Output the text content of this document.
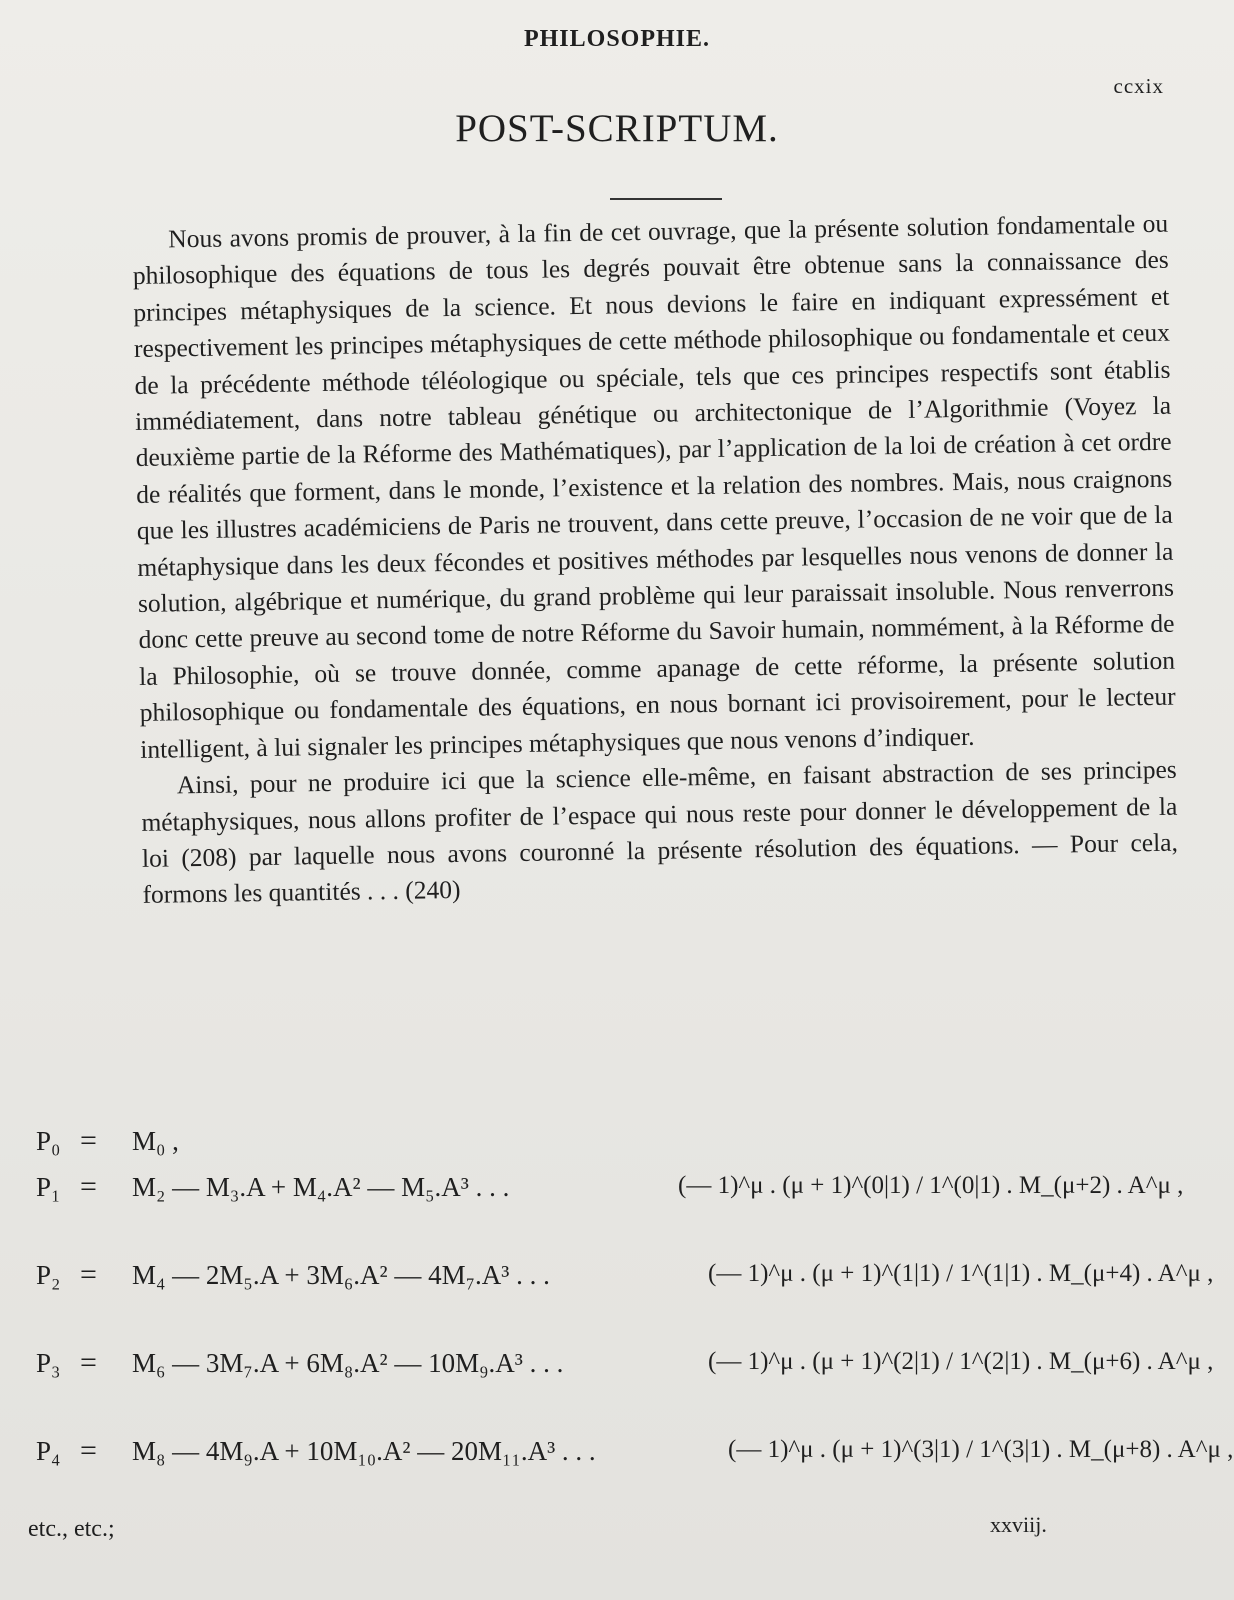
PHILOSOPHIE.
ccxix
POST-SCRIPTUM.

Nous avons promis de prouver, à la fin de cet ouvrage, que la présente solution fondamentale ou philosophique des équations de tous les degrés pouvait être obtenue sans la connaissance des principes métaphysiques de la science. Et nous devions le faire en indiquant expressément et respectivement les principes métaphysiques de cette méthode philosophique ou fondamentale et ceux de la précédente méthode téléologique ou spéciale, tels que ces principes respectifs sont établis immédiatement, dans notre tableau génétique ou architectonique de l’Algorithmie (Voyez la deuxième partie de la Réforme des Mathématiques), par l’application de la loi de création à cet ordre de réalités que forment, dans le monde, l’existence et la relation des nombres. Mais, nous craignons que les illustres académiciens de Paris ne trouvent, dans cette preuve, l’occasion de ne voir que de la métaphysique dans les deux fécondes et positives méthodes par lesquelles nous venons de donner la solution, algébrique et numérique, du grand problème qui leur paraissait insoluble. Nous renverrons donc cette preuve au second tome de notre Réforme du Savoir humain, nommément, à la Réforme de la Philosophie, où se trouve donnée, comme apanage de cette réforme, la présente solution philosophique ou fondamentale des équations, en nous bornant ici provisoirement, pour le lecteur intelligent, à lui signaler les principes métaphysiques que nous venons d’indiquer.

Ainsi, pour ne produire ici que la science elle-même, en faisant abstraction de ses principes métaphysiques, nous allons profiter de l’espace qui nous reste pour donner le développement de la loi (208) par laquelle nous avons couronné la présente résolution des équations. — Pour cela, formons les quantités . . . (240)

P₀ = M₀ ,
P₁ = M₂ — M₃.A + M₄.A² — M₅.A³ . . .	(— 1)^μ . (μ + 1)^(0|1) / 1^(0|1) . M_(μ+2) . A^μ ,
P₂ = M₄ — 2M₅.A + 3M₆.A² — 4M₇.A³ . . .	(— 1)^μ . (μ + 1)^(1|1) / 1^(1|1) . M_(μ+4) . A^μ ,
P₃ = M₆ — 3M₇.A + 6M₈.A² — 10M₉.A³ . . .	(— 1)^μ . (μ + 1)^(2|1) / 1^(2|1) . M_(μ+6) . A^μ ,
P₄ = M₈ — 4M₉.A + 10M₁₀.A² — 20M₁₁.A³ . . .	(— 1)^μ . (μ + 1)^(3|1) / 1^(3|1) . M_(μ+8) . A^μ ,
etc., etc.;	xxviij.
